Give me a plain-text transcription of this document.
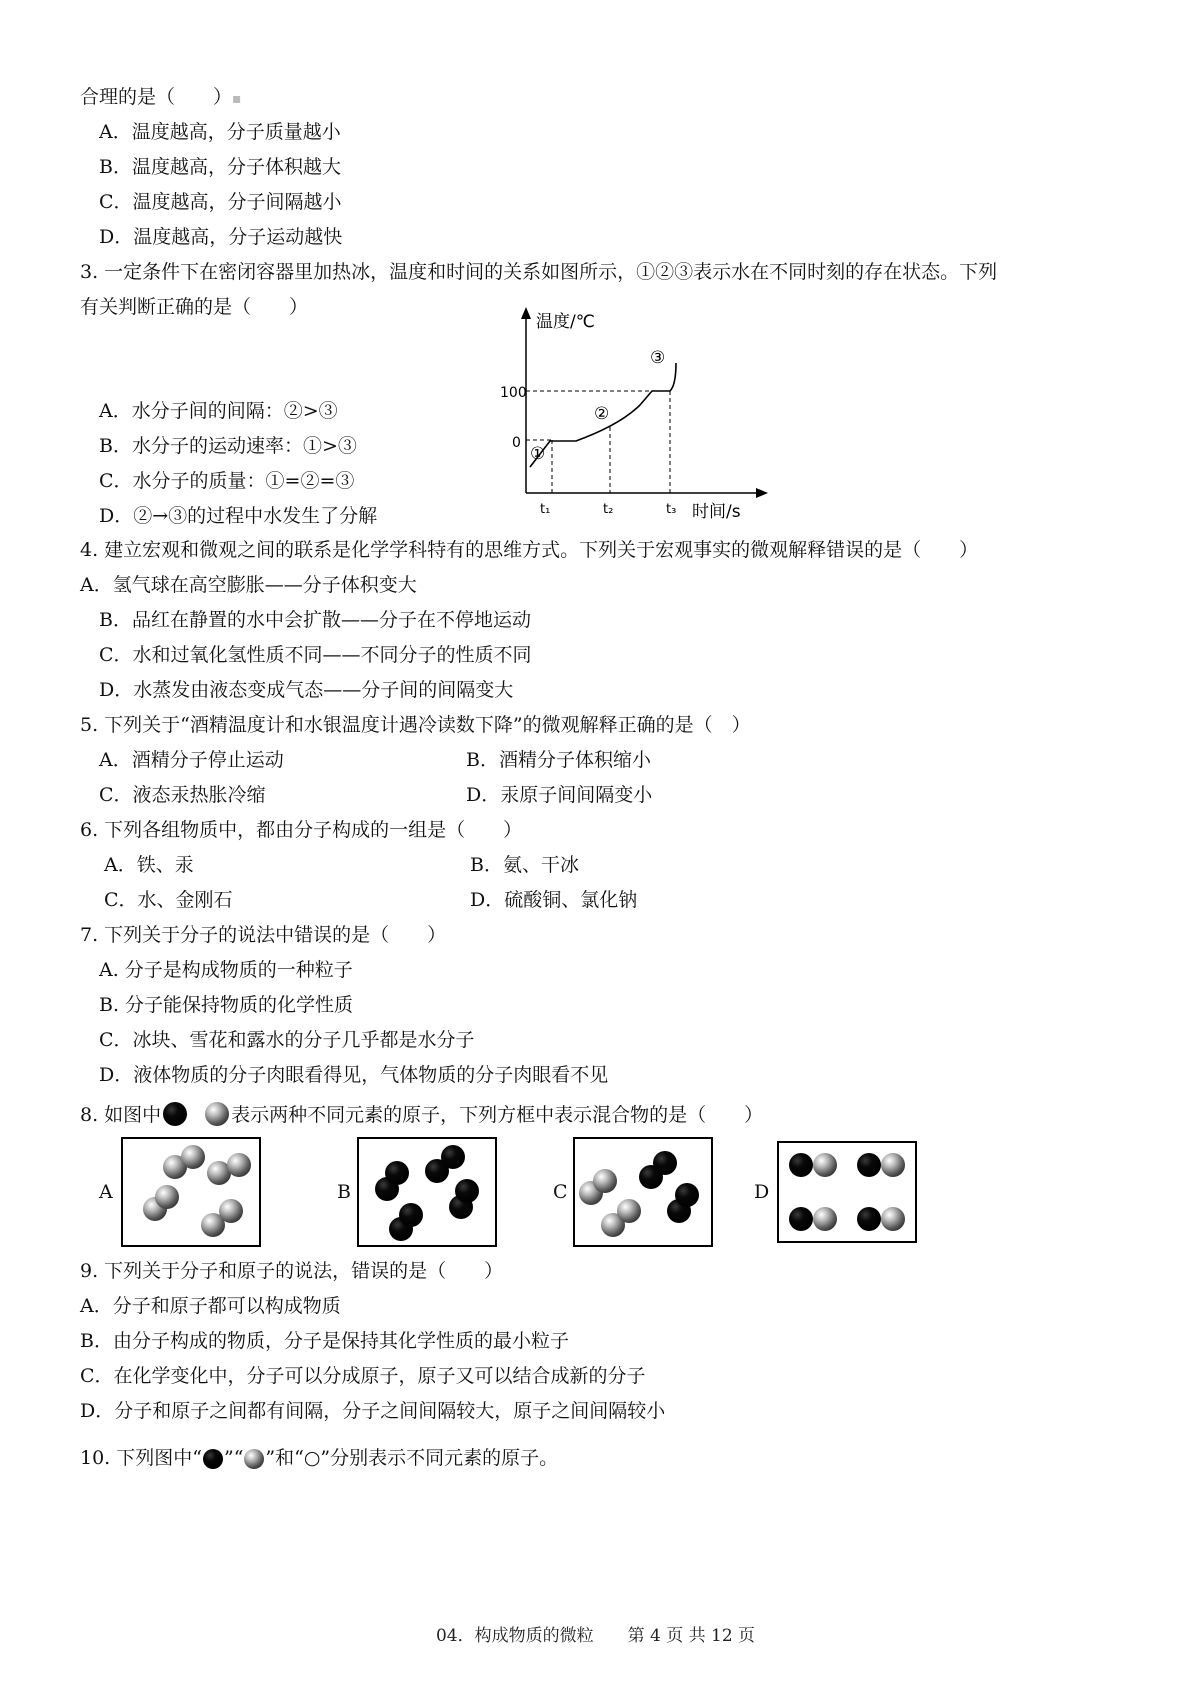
合理的是（　　）▪
A．温度越高，分子质量越小
B．温度越高，分子体积越大
C．温度越高，分子间隔越小
D．温度越高，分子运动越快
3. 一定条件下在密闭容器里加热冰，温度和时间的关系如图所示，①②③表示水在不同时刻的存在状态。下列
有关判断正确的是（　　）
A．水分子间的间隔：②>③
B．水分子的运动速率：①>③
C．水分子的质量：①=②=③
D．②→③的过程中水发生了分解
温度/℃
时间/s
100
0
t₁	t₂	t₃
①
②
③
4. 建立宏观和微观之间的联系是化学学科特有的思维方式。下列关于宏观事实的微观解释错误的是（　　）
A．氢气球在高空膨胀——分子体积变大
B．品红在静置的水中会扩散——分子在不停地运动
C．水和过氧化氢性质不同——不同分子的性质不同
D．水蒸发由液态变成气态——分子间的间隔变大
5. 下列关于“酒精温度计和水银温度计遇冷读数下降”的微观解释正确的是（　）
A．酒精分子停止运动	B．酒精分子体积缩小
C．液态汞热胀冷缩	D．汞原子间间隔变小
6. 下列各组物质中，都由分子构成的一组是（　　）
A．铁、汞	B．氨、干冰
C．水、金刚石	D．硫酸铜、氯化钠
7. 下列关于分子的说法中错误的是（　　）
A. 分子是构成物质的一种粒子
B. 分子能保持物质的化学性质
C．冰块、雪花和露水的分子几乎都是水分子
D．液体物质的分子肉眼看得见，气体物质的分子肉眼看不见
8. 如图中	表示两种不同元素的原子，下列方框中表示混合物的是（　　）
A	B	C	D
9. 下列关于分子和原子的说法，错误的是（　　）
A．分子和原子都可以构成物质
B．由分子构成的物质，分子是保持其化学性质的最小粒子
C．在化学变化中，分子可以分成原子，原子又可以结合成新的分子
D．分子和原子之间都有间隔，分子之间间隔较大，原子之间间隔较小
10. 下列图中“ ”“ ”和“○”分别表示不同元素的原子。
04．构成物质的微粒　　第 4 页 共 12 页
